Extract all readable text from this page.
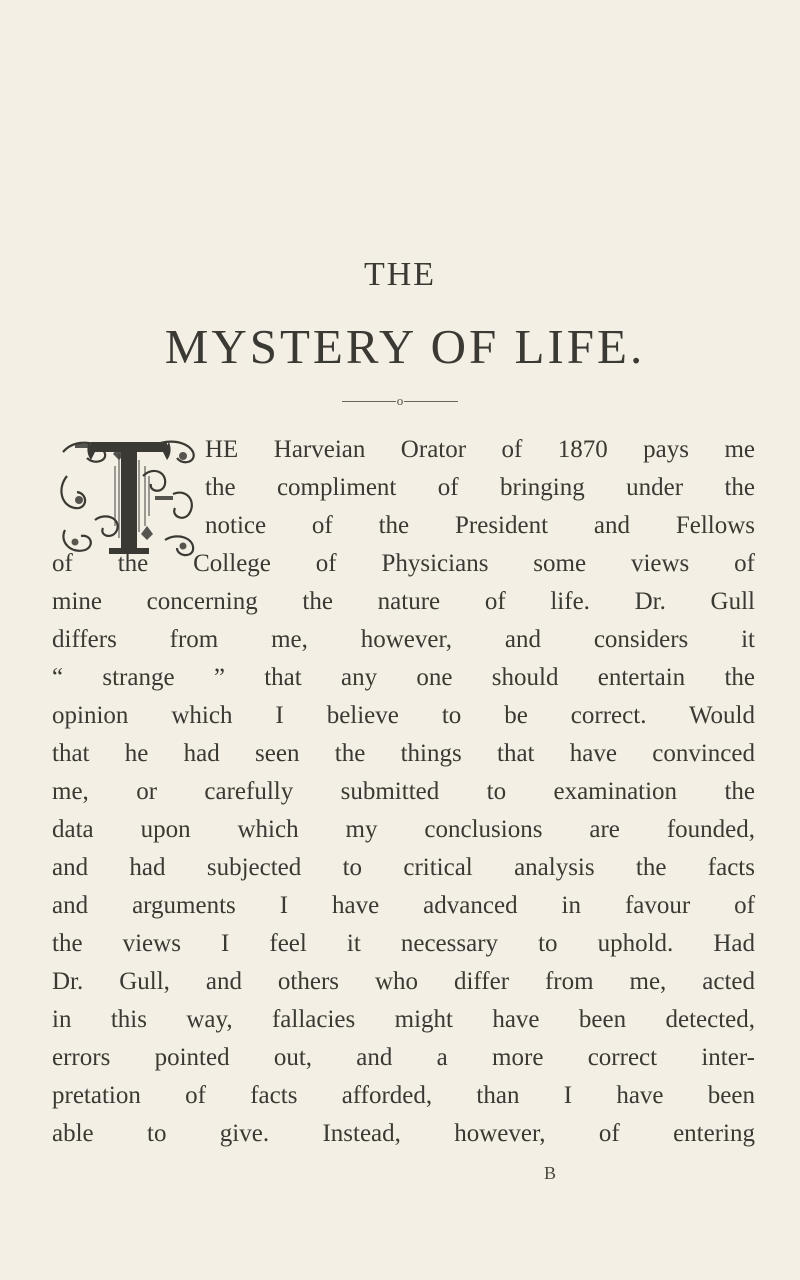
THE
MYSTERY OF LIFE.
o
HE Harveian Orator of 1870 pays me
the compliment of bringing under the
notice of the President and Fellows
of the College of Physicians some views of
mine concerning the nature of life. Dr. Gull
differs from me, however, and considers it
“ strange ” that any one should entertain the
opinion which I believe to be correct. Would
that he had seen the things that have convinced
me, or carefully submitted to examination the
data upon which my conclusions are founded,
and had subjected to critical analysis the facts
and arguments I have advanced in favour of
the views I feel it necessary to uphold. Had
Dr. Gull, and others who differ from me, acted
in this way, fallacies might have been detected,
errors pointed out, and a more correct inter-
pretation of facts afforded, than I have been
able to give. Instead, however, of entering
B
